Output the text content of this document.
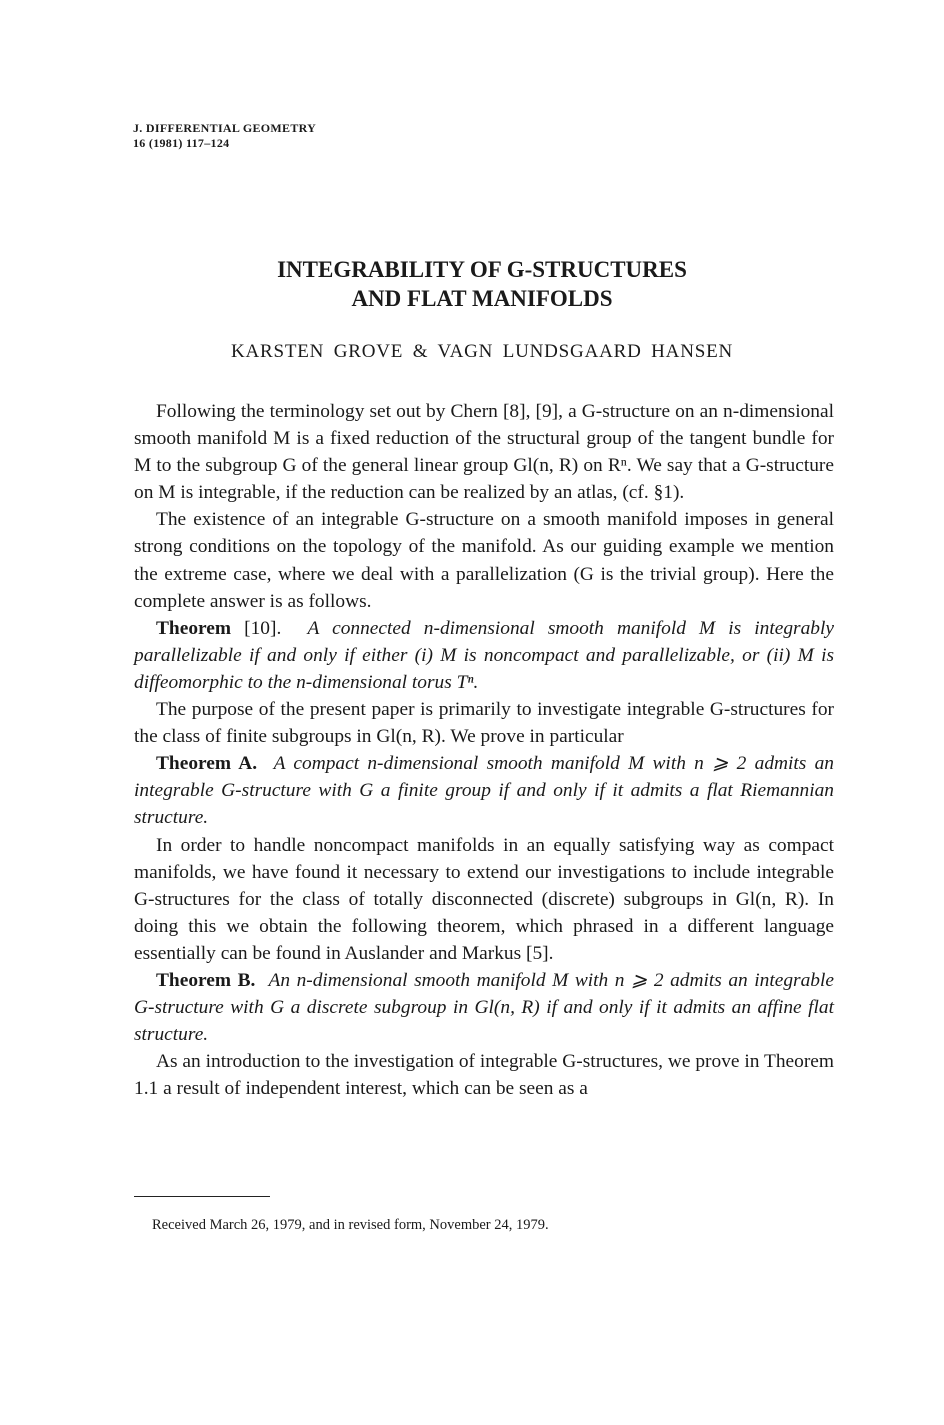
J. DIFFERENTIAL GEOMETRY
16 (1981) 117–124
INTEGRABILITY OF G-STRUCTURES
AND FLAT MANIFOLDS
KARSTEN GROVE & VAGN LUNDSGAARD HANSEN

Following the terminology set out by Chern [8], [9], a G-structure on an n-dimensional smooth manifold M is a fixed reduction of the structural group of the tangent bundle for M to the subgroup G of the general linear group Gl(n, R) on Rⁿ. We say that a G-structure on M is integrable, if the reduction can be realized by an atlas, (cf. §1).

The existence of an integrable G-structure on a smooth manifold imposes in general strong conditions on the topology of the manifold. As our guiding example we mention the extreme case, where we deal with a parallelization (G is the trivial group). Here the complete answer is as follows.

Theorem [10]. A connected n-dimensional smooth manifold M is integrably parallelizable if and only if either (i) M is noncompact and parallelizable, or (ii) M is diffeomorphic to the n-dimensional torus Tⁿ.

The purpose of the present paper is primarily to investigate integrable G-structures for the class of finite subgroups in Gl(n, R). We prove in particular

Theorem A. A compact n-dimensional smooth manifold M with n ⩾ 2 admits an integrable G-structure with G a finite group if and only if it admits a flat Riemannian structure.

In order to handle noncompact manifolds in an equally satisfying way as compact manifolds, we have found it necessary to extend our investigations to include integrable G-structures for the class of totally disconnected (discrete) subgroups in Gl(n, R). In doing this we obtain the following theorem, which phrased in a different language essentially can be found in Auslander and Markus [5].

Theorem B. An n-dimensional smooth manifold M with n ⩾ 2 admits an integrable G-structure with G a discrete subgroup in Gl(n, R) if and only if it admits an affine flat structure.

As an introduction to the investigation of integrable G-structures, we prove in Theorem 1.1 a result of independent interest, which can be seen as a

Received March 26, 1979, and in revised form, November 24, 1979.
